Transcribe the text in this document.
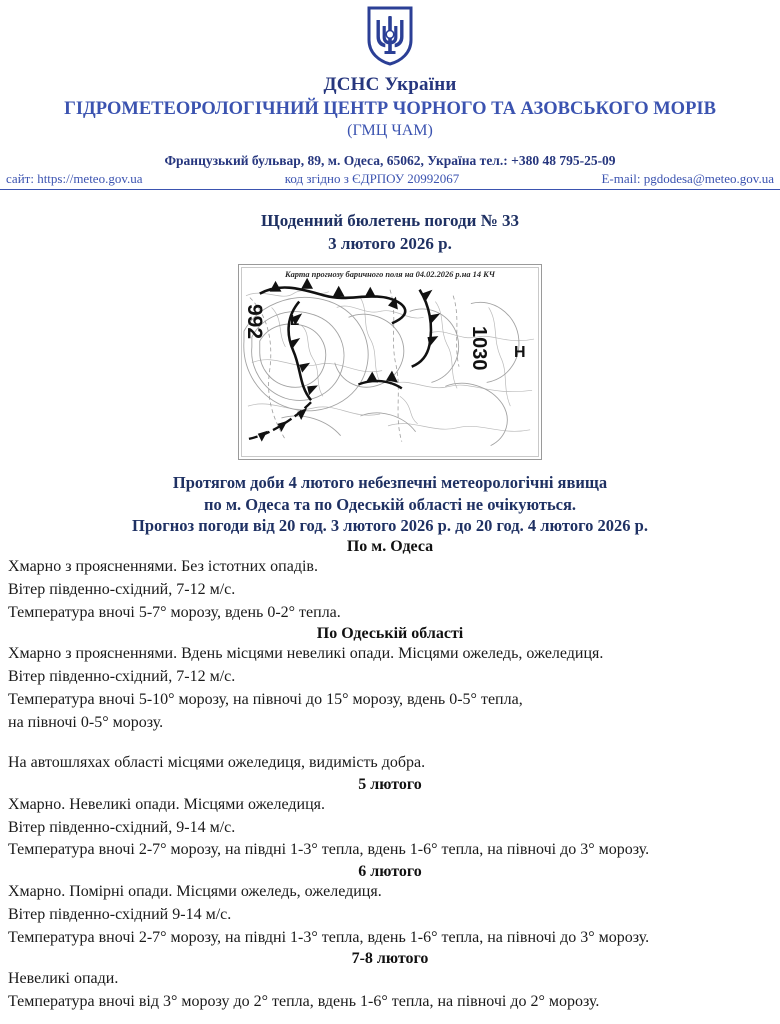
ДСНС України
ГІДРОМЕТЕОРОЛОГІЧНИЙ ЦЕНТР ЧОРНОГО ТА АЗОВСЬКОГО МОРІВ
(ГМЦ ЧАМ)
Французький бульвар, 89, м. Одеса, 65062, Україна тел.: +380 48 795-25-09
сайт: https://meteo.gov.ua	код згідно з ЄДРПОУ 20992067	E-mail: pgdodesa@meteo.gov.ua
Щоденний бюлетень погоди № 33
3 лютого 2026 р.
Карта прогнозу баричного поля на 04.02.2026 р.на 14 КЧ
992 L
1030 H
Протягом доби 4 лютого небезпечні метеорологічні явища
по м. Одеса та по Одеській області не очікуються.
Прогноз погоди від 20 год. 3 лютого 2026 р. до 20 год. 4 лютого 2026 р.
По м. Одеса

Хмарно з проясненнями. Без істотних опадів.

Вітер південно-східний, 7-12 м/с.

Температура вночі 5-7° морозу, вдень 0-2° тепла.

По Одеській області

Хмарно з проясненнями. Вдень місцями невеликі опади. Місцями ожеледь, ожеледиця.

Вітер південно-східний, 7-12 м/с.

Температура вночі 5-10° морозу, на півночі до 15° морозу, вдень 0-5° тепла,

на півночі 0-5° морозу.

На автошляхах області місцями ожеледиця, видимість добра.

5 лютого

Хмарно. Невеликі опади. Місцями ожеледиця.

Вітер південно-східний, 9-14 м/с.

Температура вночі 2-7° морозу, на півдні 1-3° тепла, вдень 1-6° тепла, на півночі до 3° морозу.

6 лютого

Хмарно. Помірні опади. Місцями ожеледь, ожеледиця.

Вітер південно-східний 9-14 м/с.

Температура вночі 2-7° морозу, на півдні 1-3° тепла, вдень 1-6° тепла, на півночі до 3° морозу.

7-8 лютого

Невеликі опади.

Температура вночі від 3° морозу до 2° тепла, вдень 1-6° тепла, на півночі до 2° морозу.
